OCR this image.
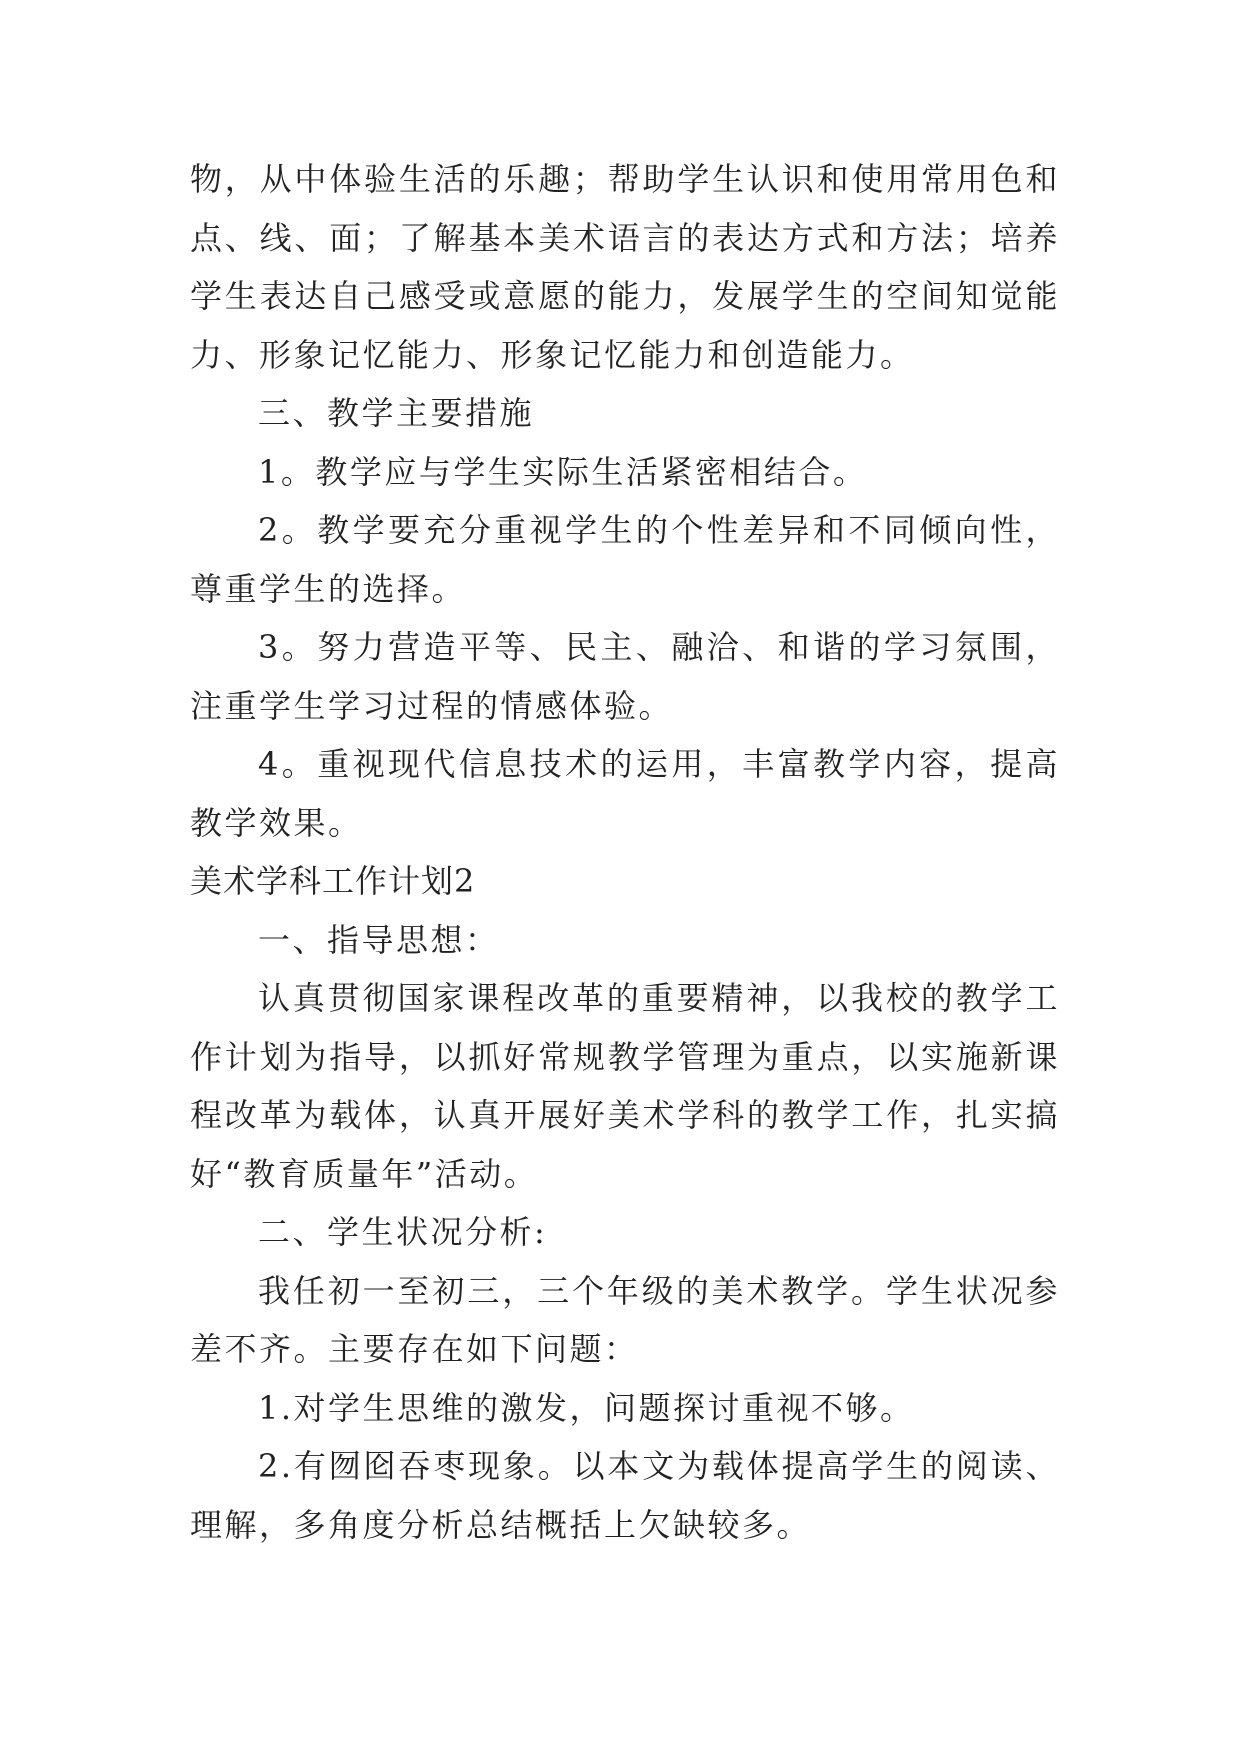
物，从中体验生活的乐趣；帮助学生认识和使用常用色和点、线、面；了解基本美术语言的表达方式和方法；培养学生表达自己感受或意愿的能力，发展学生的空间知觉能力、形象记忆能力、形象记忆能力和创造能力。

三、教学主要措施

1。教学应与学生实际生活紧密相结合。

2。教学要充分重视学生的个性差异和不同倾向性，尊重学生的选择。

3。努力营造平等、民主、融洽、和谐的学习氛围，注重学生学习过程的情感体验。

4。重视现代信息技术的运用，丰富教学内容，提高教学效果。

美术学科工作计划2

一、指导思想：

认真贯彻国家课程改革的重要精神，以我校的教学工作计划为指导，以抓好常规教学管理为重点，以实施新课程改革为载体，认真开展好美术学科的教学工作，扎实搞好“教育质量年”活动。

二、学生状况分析:

我任初一至初三，三个年级的美术教学。学生状况参差不齐。主要存在如下问题：

1.对学生思维的激发，问题探讨重视不够。

2.有囫囵吞枣现象。以本文为载体提高学生的阅读、理解，多角度分析总结概括上欠缺较多。
